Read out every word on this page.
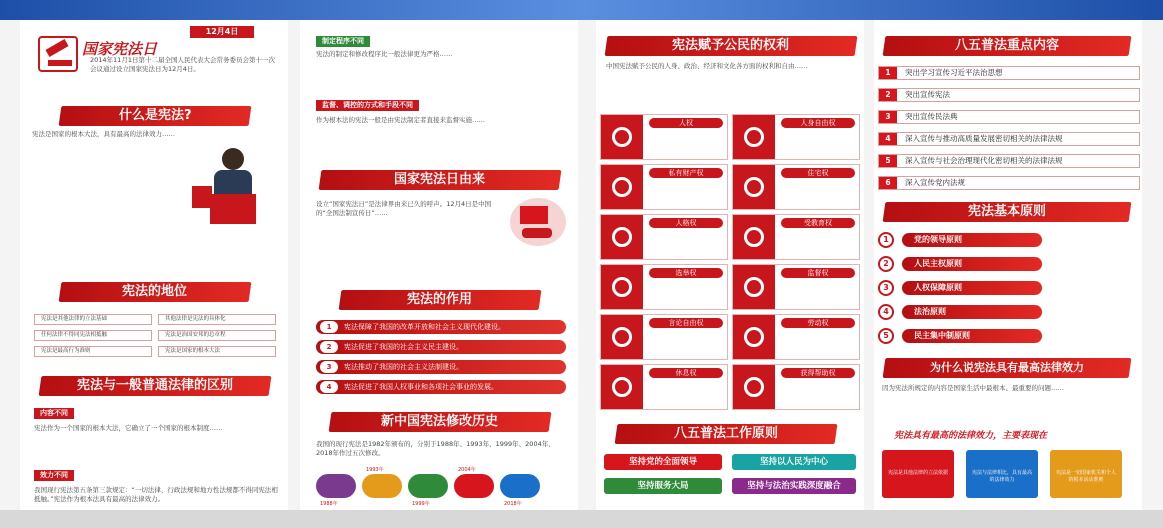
12月4日
国家宪法日
2014年11月1日第十二届全国人民代表大会常务委员会第十一次会议通过设立国家宪法日为12月4日。
什么是宪法?
宪法是国家的根本大法，具有最高的法律效力……
宪法的地位
宪法是其他法律的立法基础	其他法律是宪法的具体化
任何法律不得同宪法相抵触	宪法是治国安邦的总章程
宪法是最高行为准则	宪法是国家的根本大法
宪法与一般普通法律的区别
内容不同
宪法作为一个国家的根本大法，它确立了一个国家的根本制度……
效力不同
我国现行宪法第五条第三款规定：“一切法律、行政法规和地方性法规都不得同宪法相抵触。”宪法作为根本法具有最高的法律效力。
制定程序不同
宪法的制定和修改程序比一般法律更为严格……
监督、调控的方式和手段不同
作为根本法的宪法一般是由宪法制定者直接来监督实施……
国家宪法日由来
设立“国家宪法日”是法律界由来已久的呼声。12月4日是中国的“全国法制宣传日”……
宪法的作用
1	宪法保障了我国的改革开放和社会主义现代化建设。
2	宪法促进了我国的社会主义民主建设。
3	宪法推动了我国的社会主义法制建设。
4	宪法促进了我国人权事业和各项社会事业的发展。
新中国宪法修改历史
我国的现行宪法是1982年颁布的，分别于1988年、1993年、1999年、2004年、2018年作过五次修改。
1988年
1993年
1999年
2004年
2018年
宪法赋予公民的权利
中国宪法赋予公民的人身、政治、经济和文化各方面的权利和自由……
人权	人身自由权
私有财产权	住宅权
人格权	受教育权
选举权	监督权
言论自由权	劳动权
休息权	获得帮助权
八五普法工作原则
坚持党的全面领导	坚持以人民为中心
坚持服务大局	坚持与法治实践深度融合
八五普法重点内容
1	突出学习宣传习近平法治思想
2	突出宣传宪法
3	突出宣传民法典
4	深入宣传与推动高质量发展密切相关的法律法规
5	深入宣传与社会治理现代化密切相关的法律法规
6	深入宣传党内法规
宪法基本原则
1	党的领导原则
2	人民主权原则
3	人权保障原则
4	法治原则
5	民主集中制原则
为什么说宪法具有最高法律效力
因为宪法所规定的内容是国家生活中最根本、最重要的问题……
宪法具有最高的法律效力，主要表现在
宪法是其他法律的立法依据	宪法与法律相比，具有最高的法律效力
宪法是一切国家机关和个人的根本活动准则
